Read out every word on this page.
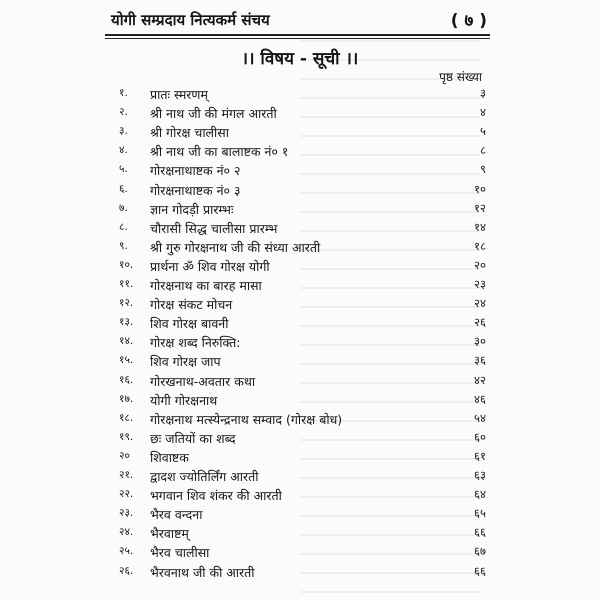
योगी सम्प्रदाय नित्यकर्म संचय	( ७ )
।। विषय - सूची ।।
पृष्ठ संख्या
१. प्रातः स्मरणम्	३
२. श्री नाथ जी की मंगल आरती	४
३. श्री गोरक्ष चालीसा	५
४. श्री नाथ जी का बालाष्टक नं० १	८
५. गोरक्षनाथाष्टक नं० २	९
६. गोरक्षनाथाष्टक नं० ३	१०
७. ज्ञान गोदड़ी प्रारम्भः	१२
८. चौरासी सिद्ध चालीसा प्रारम्भ	१४
९. श्री गुरु गोरक्षनाथ जी की संध्या आरती	१८
१०. प्रार्थना ॐ शिव गोरक्ष योगी	२०
११. गोरक्षनाथ का बारह मासा	२३
१२. गोरक्ष संकट मोचन	२४
१३. शिव गोरक्ष बावनी	२६
१४. गोरक्ष शब्द निरुक्ति:	३०
१५. शिव गोरक्ष जाप	३६
१६. गोरखनाथ-अवतार कथा	४२
१७. योगी गोरक्षनाथ	४६
१८. गोरक्षनाथ मत्स्येन्द्रनाथ सम्वाद (गोरक्ष बोध)	५४
१९. छः जतियों का शब्द	६०
२० शिवाष्टक	६१
२१. द्वादश ज्योतिर्लिंग आरती	६३
२२. भगवान शिव शंकर की आरती	६४
२३. भैरव वन्दना	६५
२४. भैरवाष्टम्	६६
२५. भैरव चालीसा	६७
२६. भैरवनाथ जी की आरती	६६
